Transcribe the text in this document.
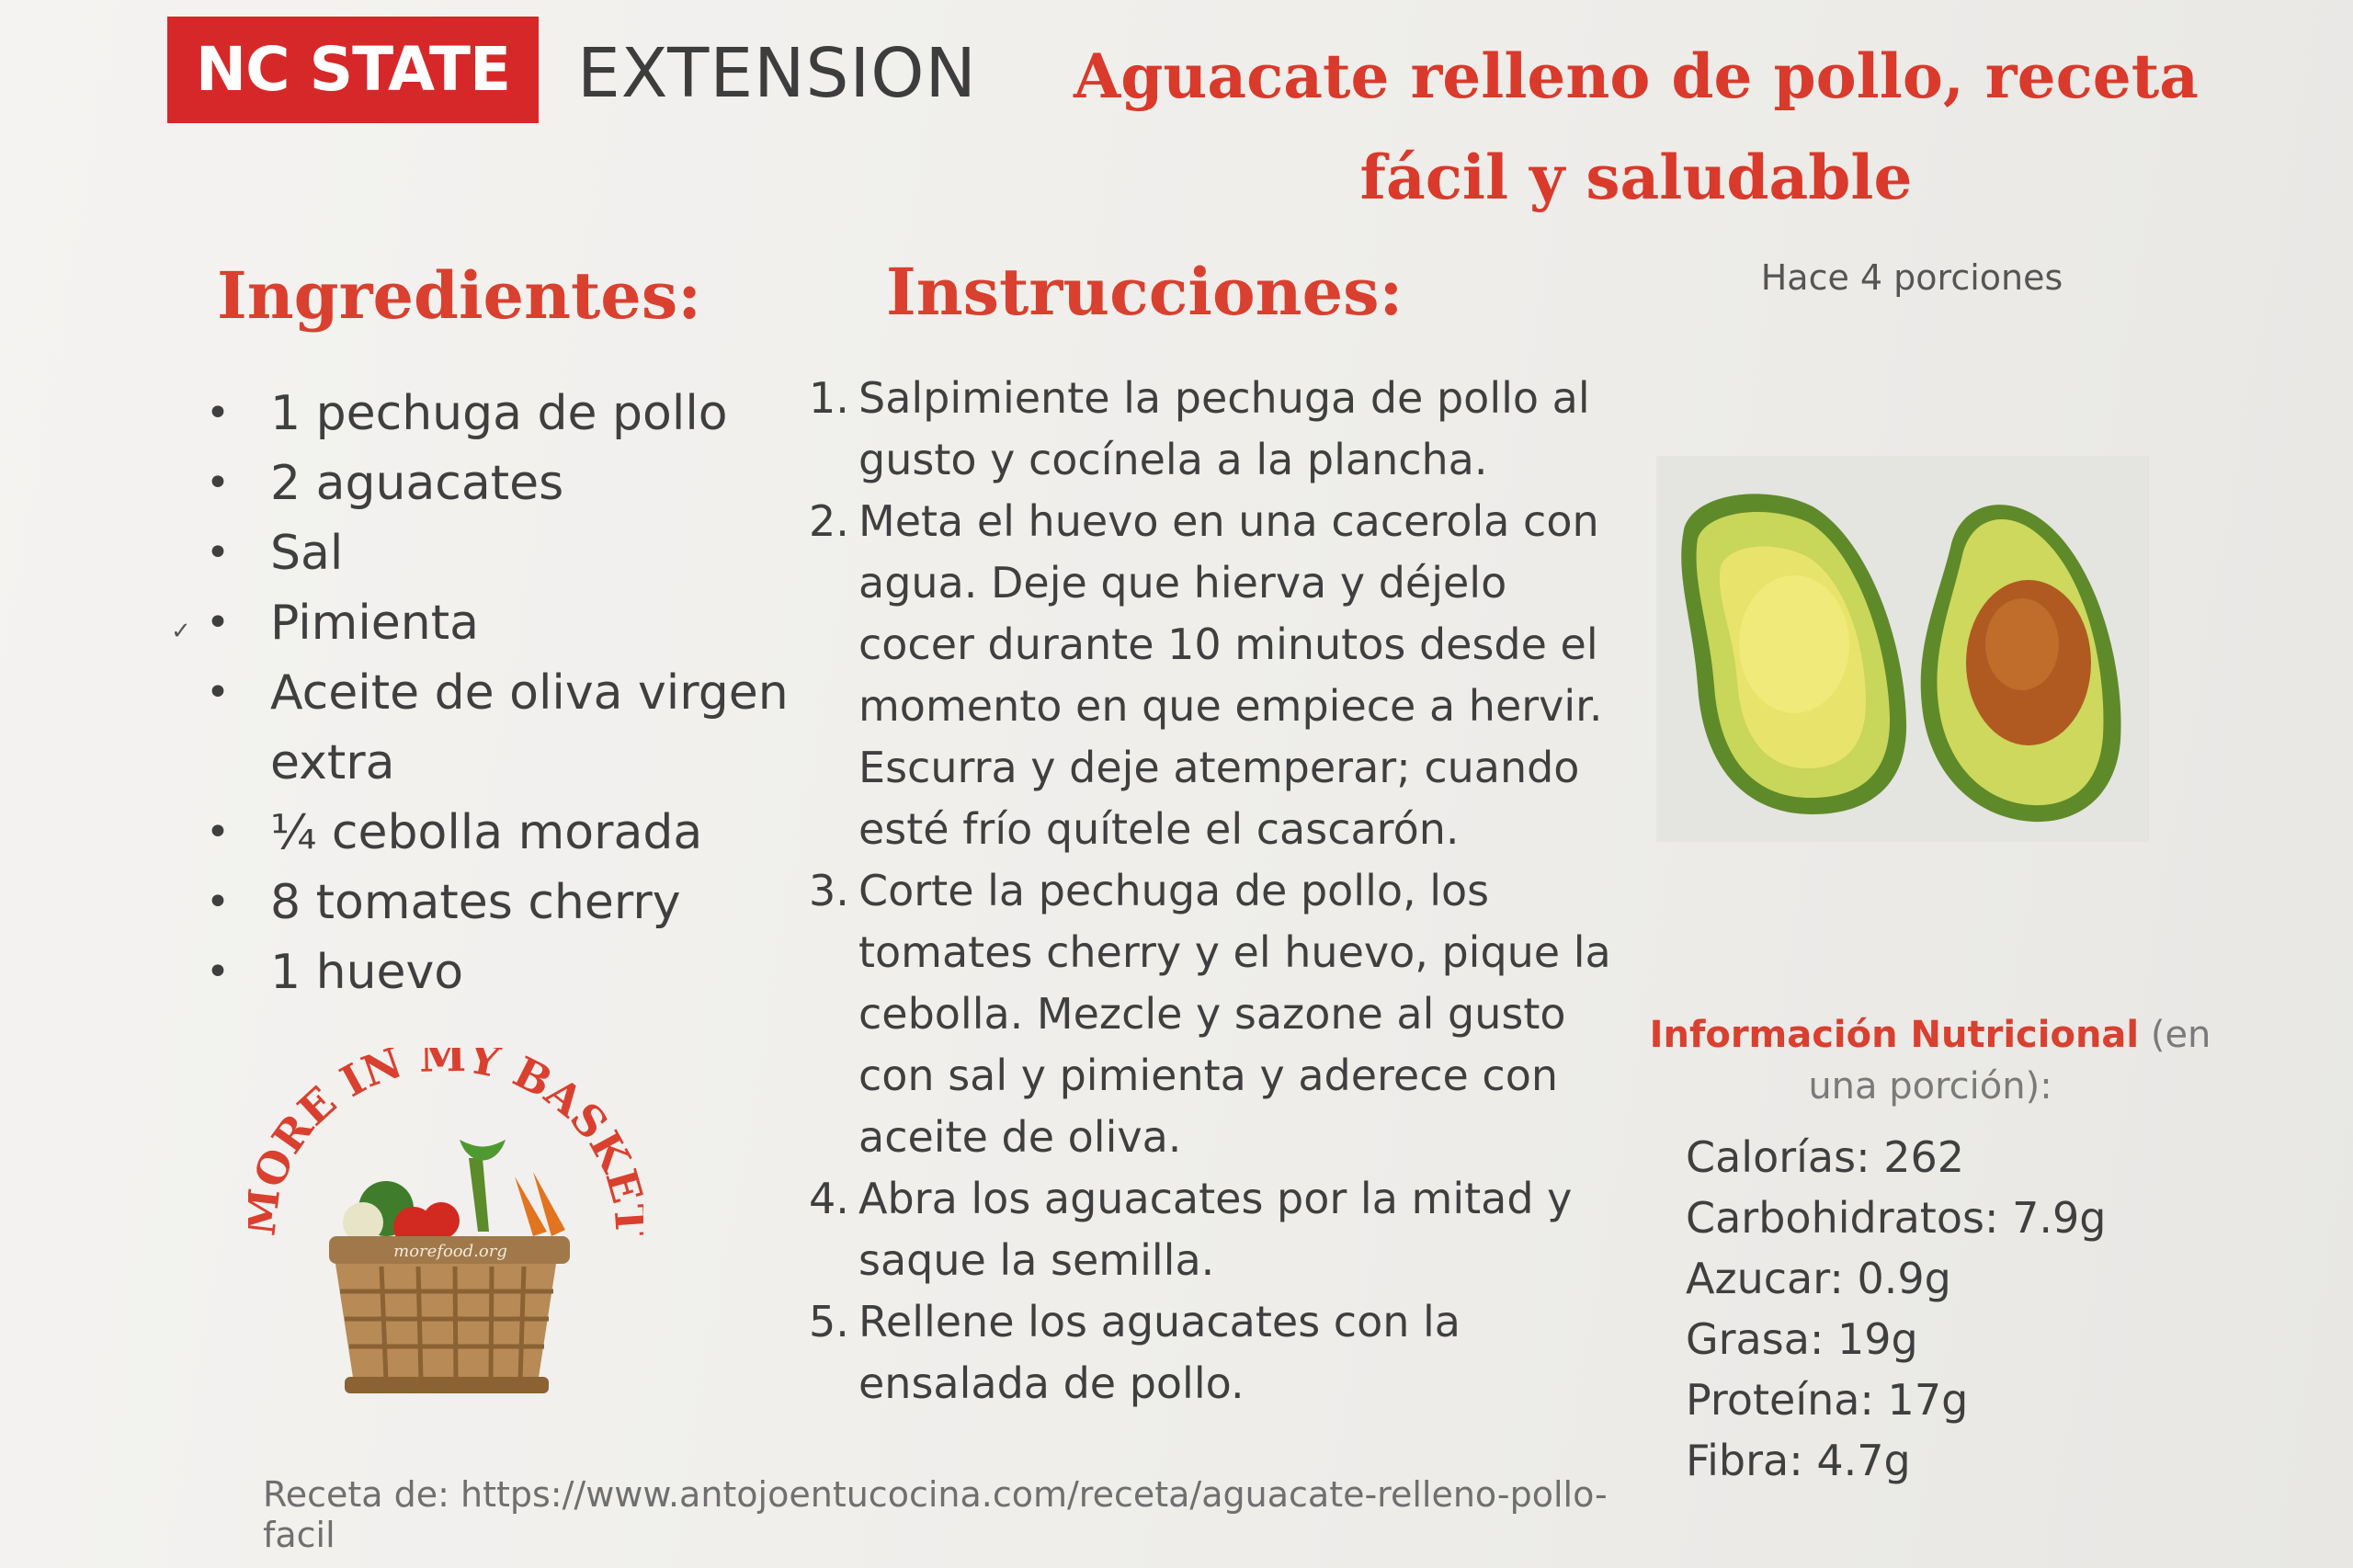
NC STATE EXTENSION	Aguacate relleno de pollo, receta fácil y saludable
Ingredientes:	Instrucciones:	Hace 4 porciones
✓
• 1 pechuga de pollo
• 2 aguacates
• Sal
• Pimienta
• Aceite de oliva virgen extra
• ¼ cebolla morada
• 8 tomates cherry
• 1 huevo
1. Salpimiente la pechuga de pollo al gusto y cocínela a la plancha.
2. Meta el huevo en una cacerola con agua. Deje que hierva y déjelo cocer durante 10 minutos desde el momento en que empiece a hervir. Escurra y deje atemperar; cuando esté frío quítele el cascarón.
3. Corte la pechuga de pollo, los tomates cherry y el huevo, pique la cebolla. Mezcle y sazone al gusto con sal y pimienta y aderece con aceite de oliva.
4. Abra los aguacates por la mitad y saque la semilla.
5. Rellene los aguacates con la ensalada de pollo.
Información Nutricional (en una porción):
Calorías: 262
Carbohidratos: 7.9g
Azucar: 0.9g
Grasa: 19g
Proteína: 17g
Fibra: 4.7g
ORE IN MY BASK
morefood.org
Receta de: https://www.antojoentucocina.com/receta/aguacate-relleno-pollo-facil
